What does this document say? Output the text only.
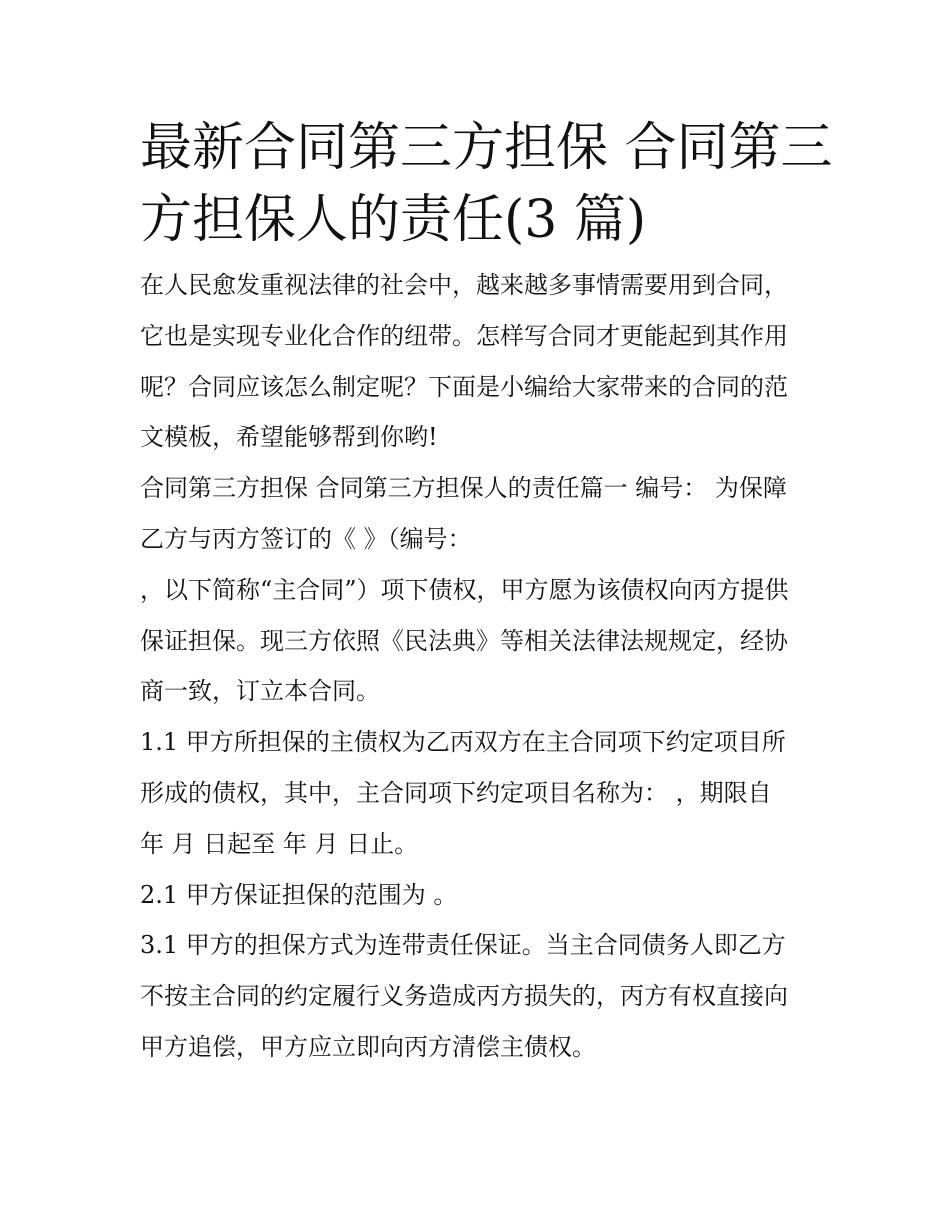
最新合同第三方担保 合同第三
方担保人的责任(3 篇)
在人民愈发重视法律的社会中，越来越多事情需要用到合同，
它也是实现专业化合作的纽带。怎样写合同才更能起到其作用
呢？合同应该怎么制定呢？下面是小编给大家带来的合同的范
文模板，希望能够帮到你哟!
合同第三方担保 合同第三方担保人的责任篇一 编号： 为保障
乙方与丙方签订的《 》（编号：
，以下简称“主合同”）项下债权，甲方愿为该债权向丙方提供
保证担保。现三方依照《民法典》等相关法律法规规定，经协
商一致，订立本合同。
1.1 甲方所担保的主债权为乙丙双方在主合同项下约定项目所
形成的债权，其中，主合同项下约定项目名称为： ，期限自
年 月 日起至 年 月 日止。
2.1 甲方保证担保的范围为 。
3.1 甲方的担保方式为连带责任保证。当主合同债务人即乙方
不按主合同的约定履行义务造成丙方损失的，丙方有权直接向
甲方追偿，甲方应立即向丙方清偿主债权。
